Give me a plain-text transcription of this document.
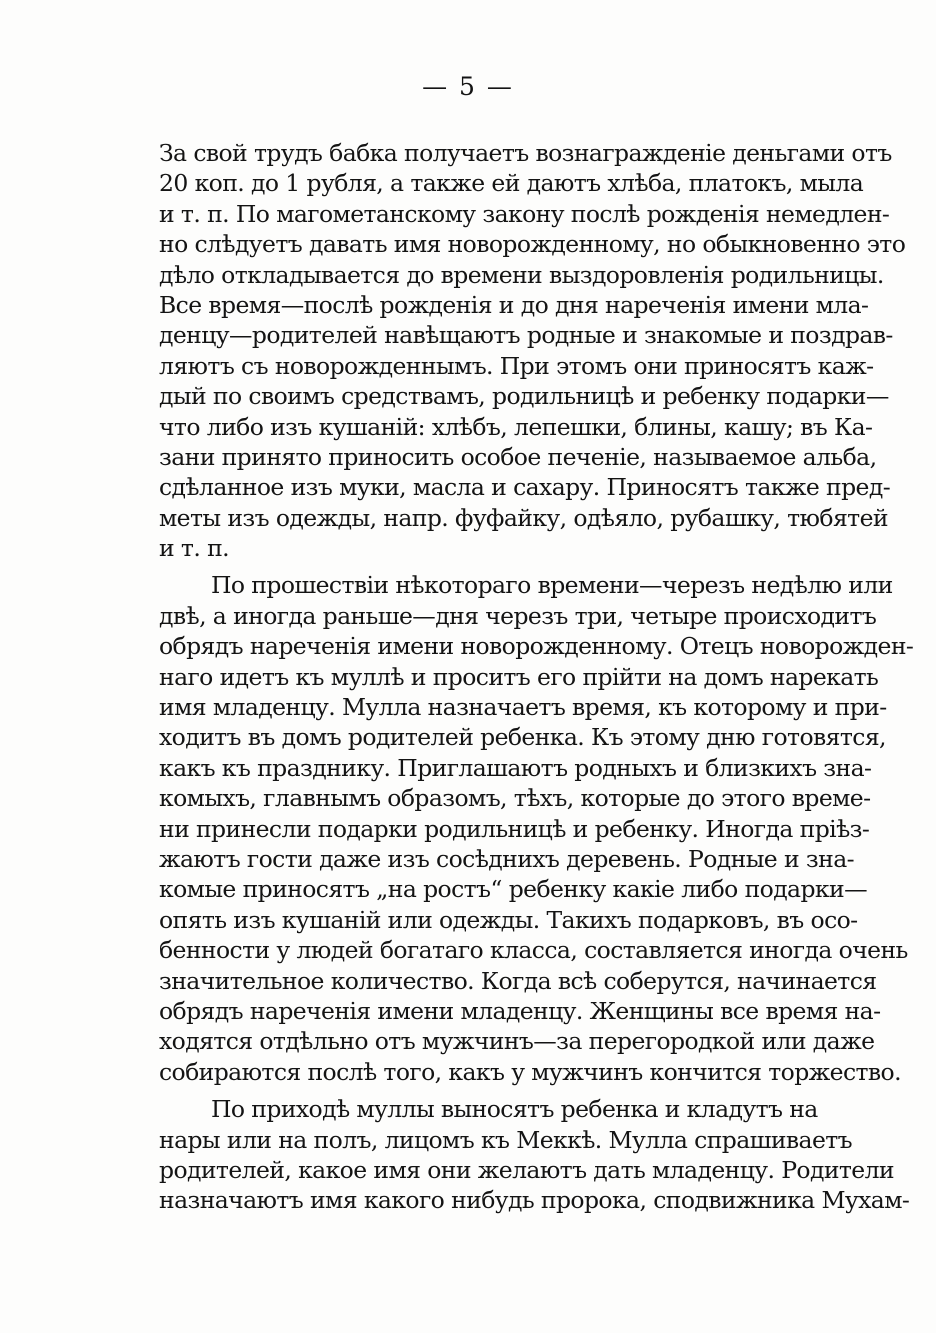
— 5 —

За свой трудъ бабка получаетъ вознагражденіе деньгами отъ
20 коп. до 1 рубля, а также ей даютъ хлѣба, платокъ, мыла
и т. п. По магометанскому закону послѣ рожденія немедлен-
но слѣдуетъ давать имя новорожденному, но обыкновенно это
дѣло откладывается до времени выздоровленія родильницы.
Все время—послѣ рожденія и до дня нареченія имени мла-
денцу—родителей навѣщаютъ родные и знакомые и поздрав-
ляютъ съ новорожденнымъ. При этомъ они приносятъ каж-
дый по своимъ средствамъ, родильницѣ и ребенку подарки—
что либо изъ кушаній: хлѣбъ, лепешки, блины, кашу; въ Ка-
зани принято приносить особое печеніе, называемое альба,
сдѣланное изъ муки, масла и сахару. Приносятъ также пред-
меты изъ одежды, напр. фуфайку, одѣяло, рубашку, тюбятей
и т. п.

По прошествіи нѣкотораго времени—черезъ недѣлю или
двѣ, а иногда раньше—дня черезъ три, четыре происходитъ
обрядъ нареченія имени новорожденному. Отецъ новорожден-
наго идетъ къ муллѣ и проситъ его прійти на домъ нарекать
имя младенцу. Мулла назначаетъ время, къ которому и при-
ходитъ въ домъ родителей ребенка. Къ этому дню готовятся,
какъ къ празднику. Приглашаютъ родныхъ и близкихъ зна-
комыхъ, главнымъ образомъ, тѣхъ, которые до этого време-
ни принесли подарки родильницѣ и ребенку. Иногда пріѣз-
жаютъ гости даже изъ сосѣднихъ деревень. Родные и зна-
комые приносятъ „на ростъ“ ребенку какіе либо подарки—
опять изъ кушаній или одежды. Такихъ подарковъ, въ осо-
бенности у людей богатаго класса, составляется иногда очень
значительное количество. Когда всѣ соберутся, начинается
обрядъ нареченія имени младенцу. Женщины все время на-
ходятся отдѣльно отъ мужчинъ—за перегородкой или даже
собираются послѣ того, какъ у мужчинъ кончится торжество.

По приходѣ муллы выносятъ ребенка и кладутъ на
нары или на полъ, лицомъ къ Меккѣ. Мулла спрашиваетъ
родителей, какое имя они желаютъ дать младенцу. Родители
назначаютъ имя какого нибудь пророка, сподвижника Мухам-
